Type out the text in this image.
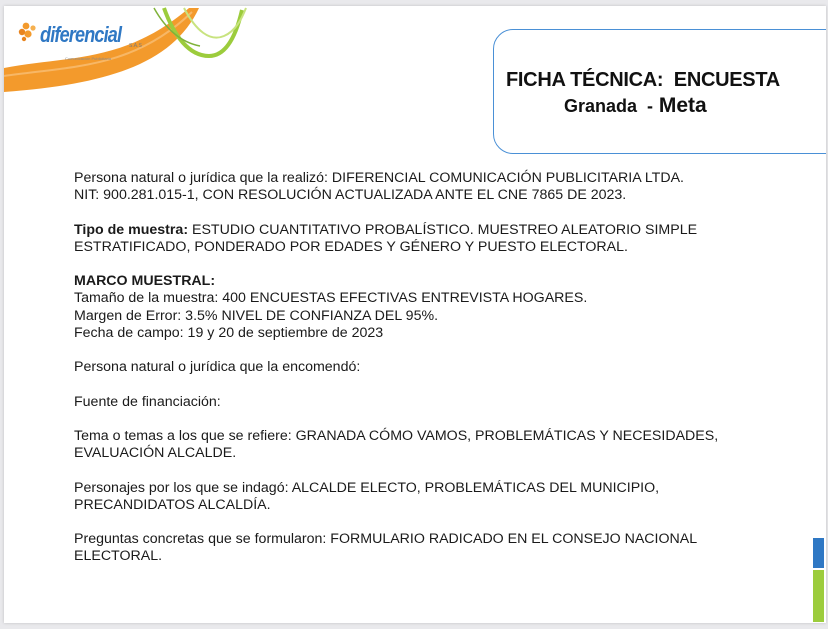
diferencial S.A.S
Comunicación Publicitaria
FICHA TÉCNICA:  ENCUESTA
Granada  - Meta

Persona natural o jurídica que la realizó: DIFERENCIAL COMUNICACIÓN PUBLICITARIA LTDA.

NIT: 900.281.015-1, CON RESOLUCIÓN ACTUALIZADA ANTE EL CNE 7865 DE 2023.

Tipo de muestra: ESTUDIO CUANTITATIVO PROBALÍSTICO. MUESTREO ALEATORIO SIMPLE

ESTRATIFICADO, PONDERADO POR EDADES Y GÉNERO Y PUESTO ELECTORAL.

MARCO MUESTRAL:

Tamaño de la muestra: 400 ENCUESTAS EFECTIVAS ENTREVISTA HOGARES.

Margen de Error: 3.5% NIVEL DE CONFIANZA DEL 95%.

Fecha de campo: 19 y 20 de septiembre de 2023

Persona natural o jurídica que la encomendó:

Fuente de financiación:

Tema o temas a los que se refiere: GRANADA CÓMO VAMOS, PROBLEMÁTICAS Y NECESIDADES,

EVALUACIÓN ALCALDE.

Personajes por los que se indagó: ALCALDE ELECTO, PROBLEMÁTICAS DEL MUNICIPIO,

PRECANDIDATOS ALCALDÍA.

Preguntas concretas que se formularon: FORMULARIO RADICADO EN EL CONSEJO NACIONAL

ELECTORAL.
